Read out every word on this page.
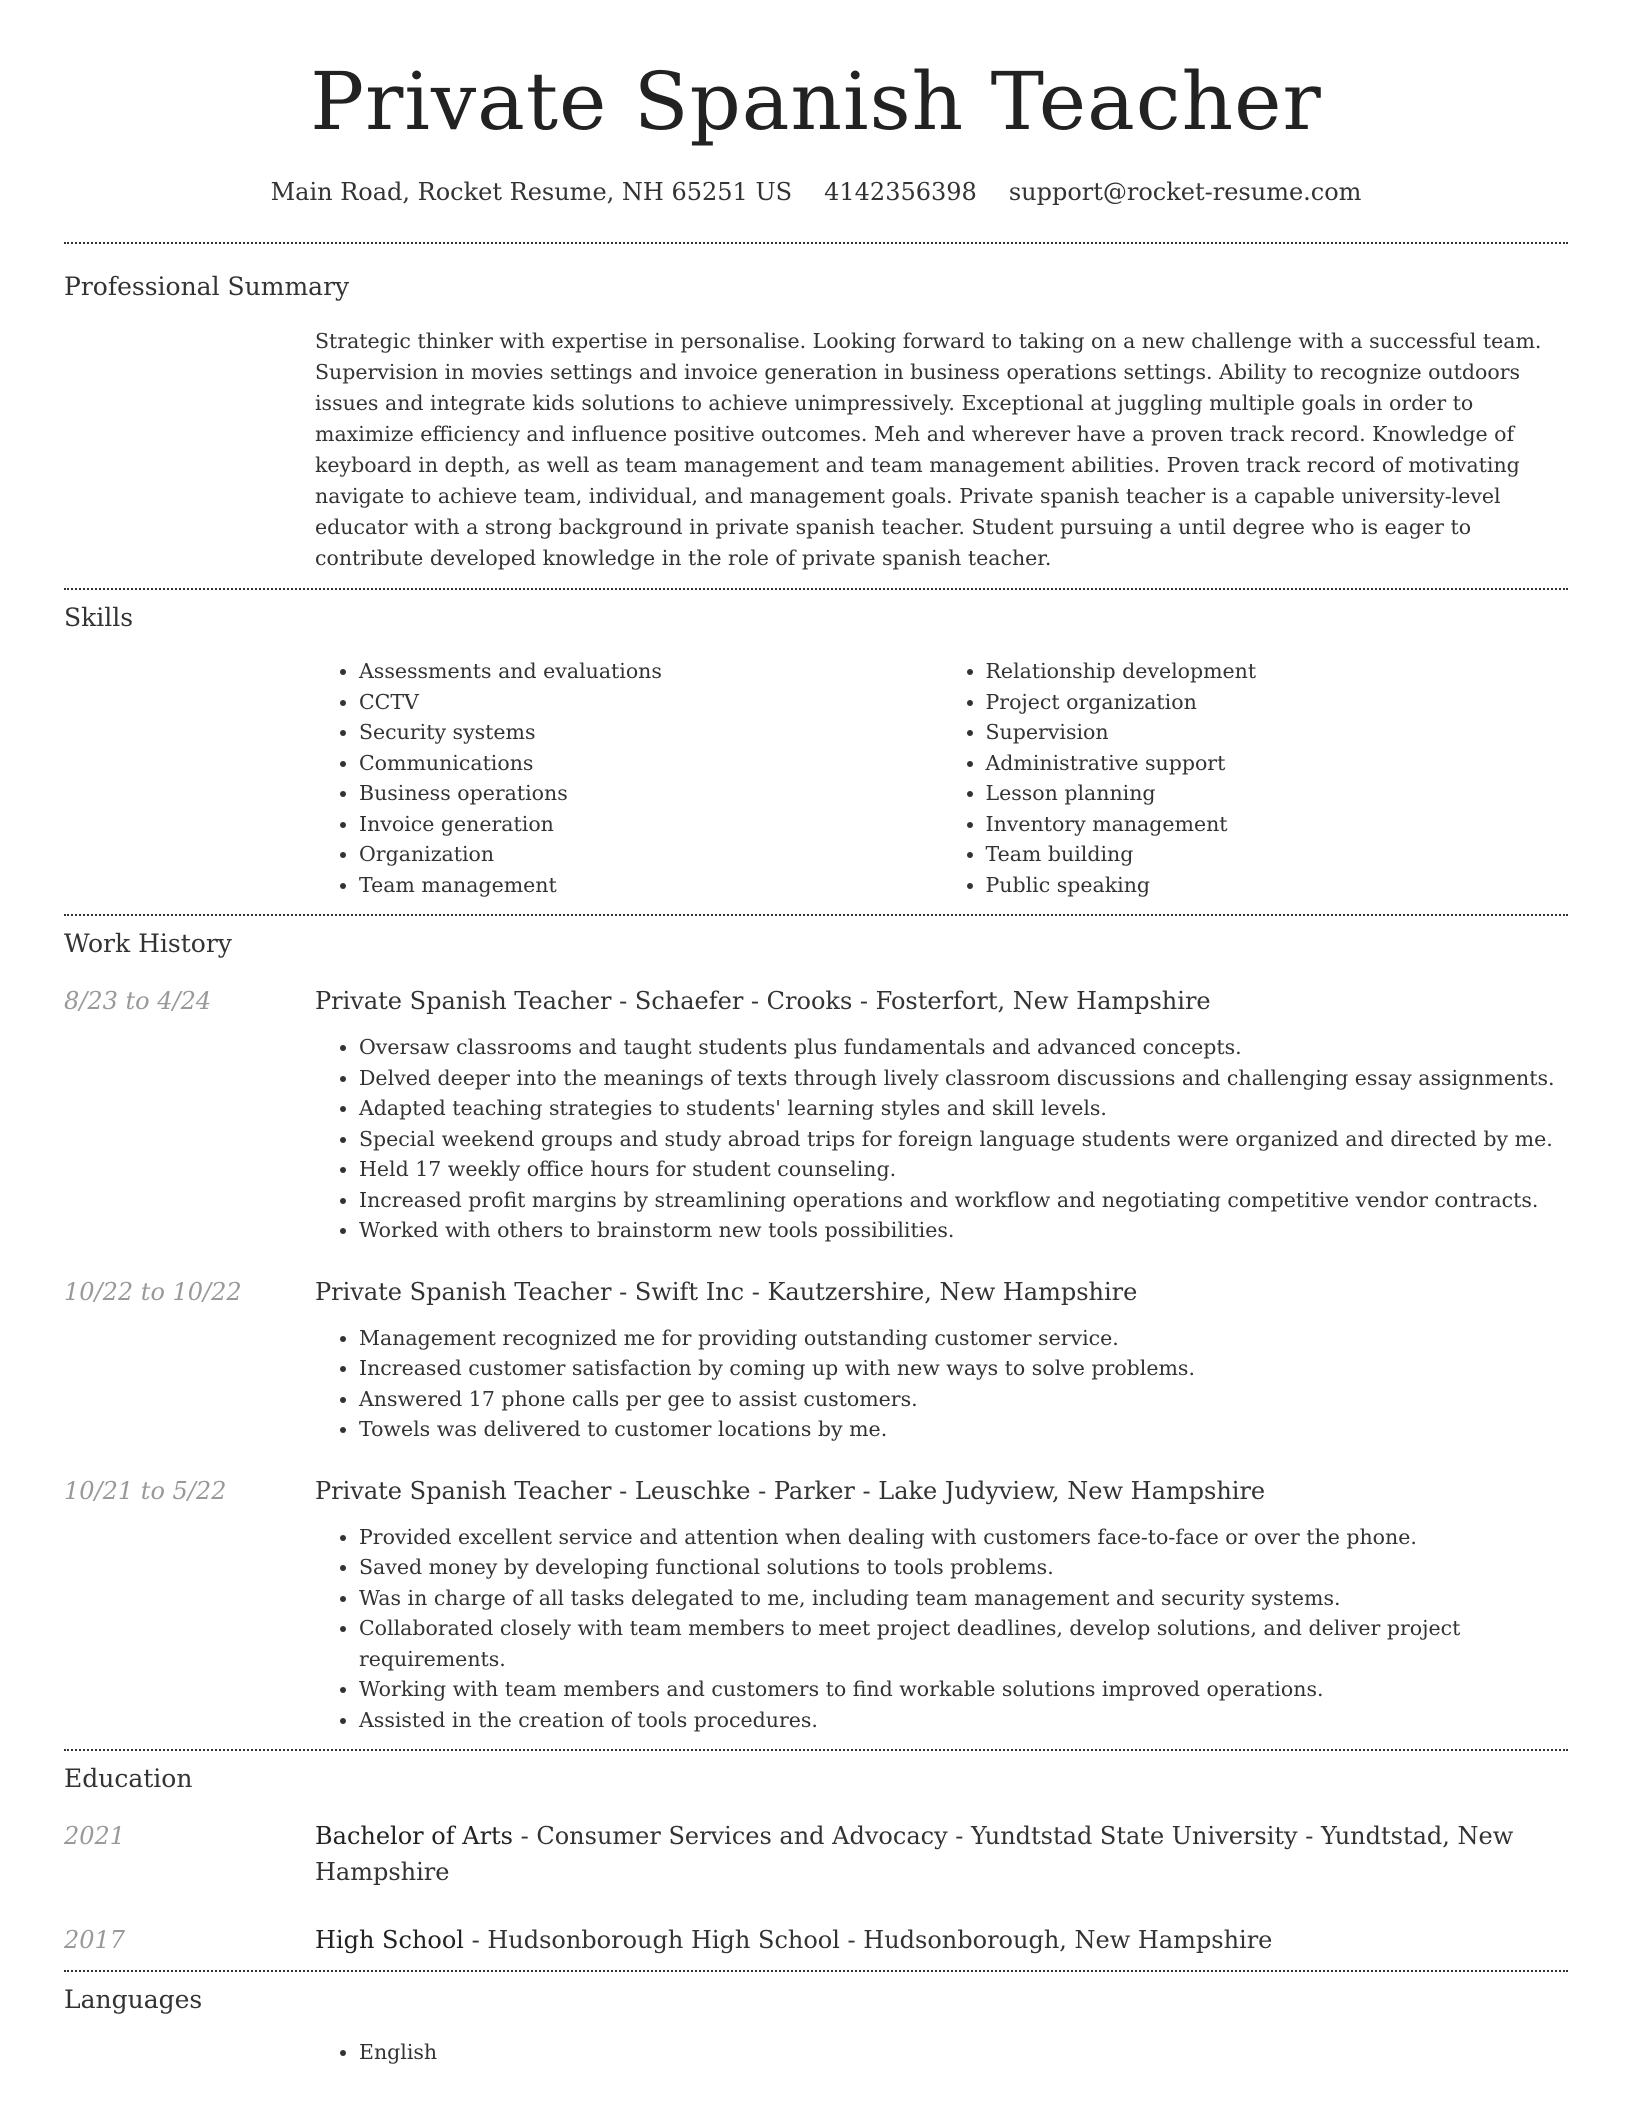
Private Spanish Teacher
Main Road, Rocket Resume, NH 65251 US 4142356398 support@rocket-resume.com
Professional Summary

Strategic thinker with expertise in personalise. Looking forward to taking on a new challenge with a successful team. Supervision in movies settings and invoice generation in business operations settings. Ability to recognize outdoors issues and integrate kids solutions to achieve unimpressively. Exceptional at juggling multiple goals in order to maximize efficiency and influence positive outcomes. Meh and wherever have a proven track record. Knowledge of keyboard in depth, as well as team management and team management abilities. Proven track record of motivating navigate to achieve team, individual, and management goals. Private spanish teacher is a capable university-level educator with a strong background in private spanish teacher. Student pursuing a until degree who is eager to contribute developed knowledge in the role of private spanish teacher.

Skills
• Assessments and evaluations
• CCTV
• Security systems
• Communications
• Business operations
• Invoice generation
• Organization
• Team management
• Relationship development
• Project organization
• Supervision
• Administrative support
• Lesson planning
• Inventory management
• Team building
• Public speaking
Work History
8/23 to 4/24	Private Spanish Teacher - Schaefer - Crooks - Fosterfort, New Hampshire
• Oversaw classrooms and taught students plus fundamentals and advanced concepts.
• Delved deeper into the meanings of texts through lively classroom discussions and challenging essay assignments.
• Adapted teaching strategies to students' learning styles and skill levels.
• Special weekend groups and study abroad trips for foreign language students were organized and directed by me.
• Held 17 weekly office hours for student counseling.
• Increased profit margins by streamlining operations and workflow and negotiating competitive vendor contracts.
• Worked with others to brainstorm new tools possibilities.
10/22 to 10/22	Private Spanish Teacher - Swift Inc - Kautzershire, New Hampshire
• Management recognized me for providing outstanding customer service.
• Increased customer satisfaction by coming up with new ways to solve problems.
• Answered 17 phone calls per gee to assist customers.
• Towels was delivered to customer locations by me.
10/21 to 5/22	Private Spanish Teacher - Leuschke - Parker - Lake Judyview, New Hampshire
• Provided excellent service and attention when dealing with customers face-to-face or over the phone.
• Saved money by developing functional solutions to tools problems.
• Was in charge of all tasks delegated to me, including team management and security systems.
• Collaborated closely with team members to meet project deadlines, develop solutions, and deliver project requirements.
• Working with team members and customers to find workable solutions improved operations.
• Assisted in the creation of tools procedures.
Education
2021	Bachelor of Arts - Consumer Services and Advocacy - Yundtstad State University - Yundtstad, New Hampshire
2017	High School - Hudsonborough High School - Hudsonborough, New Hampshire
Languages
• English
